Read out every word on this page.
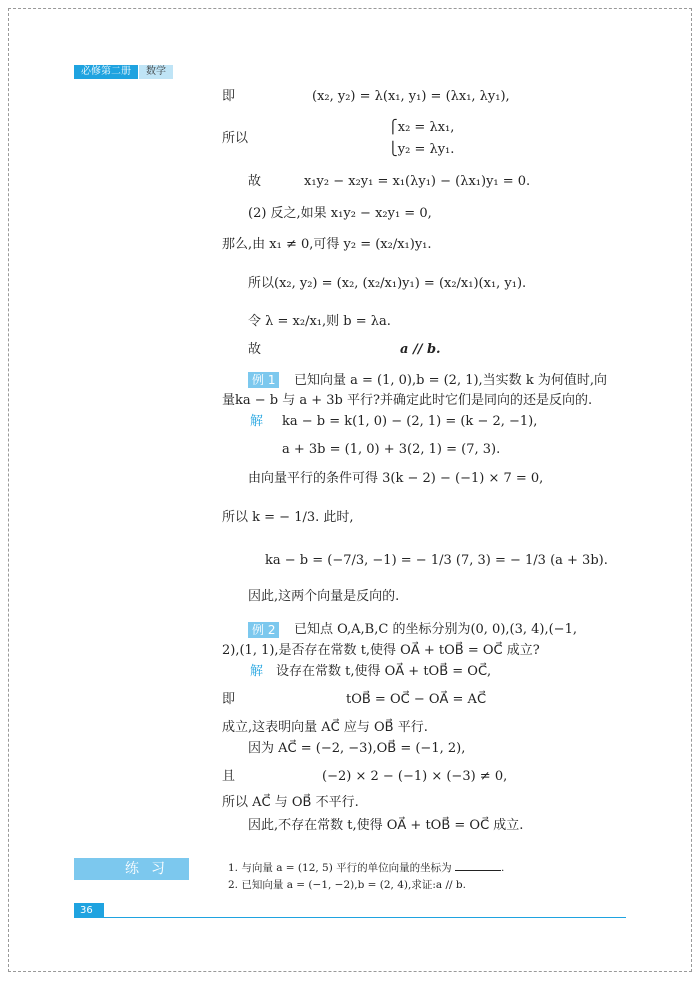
必修第二册	数学
即	(x₂, y₂) = λ(x₁, y₁) = (λx₁, λy₁),
所以
⎧x₂ = λx₁,
⎩y₂ = λy₁.
故	x₁y₂ − x₂y₁ = x₁(λy₁) − (λx₁)y₁ = 0.
(2) 反之,如果 x₁y₂ − x₂y₁ = 0,
那么,由 x₁ ≠ 0,可得 y₂ = (x₂/x₁)y₁.
所以(x₂, y₂) = (x₂, (x₂/x₁)y₁) = (x₂/x₁)(x₁, y₁).
令 λ = x₂/x₁,则 b = λa.
故	a // b.
例 1	已知向量 a = (1, 0),b = (2, 1),当实数 k 为何值时,向
量ka − b 与 a + 3b 平行?并确定此时它们是同向的还是反向的.
解 ka − b = k(1, 0) − (2, 1) = (k − 2, −1),
a + 3b = (1, 0) + 3(2, 1) = (7, 3).
由向量平行的条件可得 3(k − 2) − (−1) × 7 = 0,
所以 k = − 1/3. 此时,
ka − b = (−7/3, −1) = − 1/3 (7, 3) = − 1/3 (a + 3b).
因此,这两个向量是反向的.
例 2	已知点 O,A,B,C 的坐标分别为(0, 0),(3, 4),(−1,
2),(1, 1),是否存在常数 t,使得 OA⃗ + tOB⃗ = OC⃗ 成立?
解 设存在常数 t,使得 OA⃗ + tOB⃗ = OC⃗,
即	tOB⃗ = OC⃗ − OA⃗ = AC⃗
成立,这表明向量 AC⃗ 应与 OB⃗ 平行.
因为 AC⃗ = (−2, −3),OB⃗ = (−1, 2),
且	(−2) × 2 − (−1) × (−3) ≠ 0,
所以 AC⃗ 与 OB⃗ 不平行.
因此,不存在常数 t,使得 OA⃗ + tOB⃗ = OC⃗ 成立.
练习	1. 与向量 a = (12, 5) 平行的单位向量的坐标为	.
2. 已知向量 a = (−1, −2),b = (2, 4),求证:a // b.
36
